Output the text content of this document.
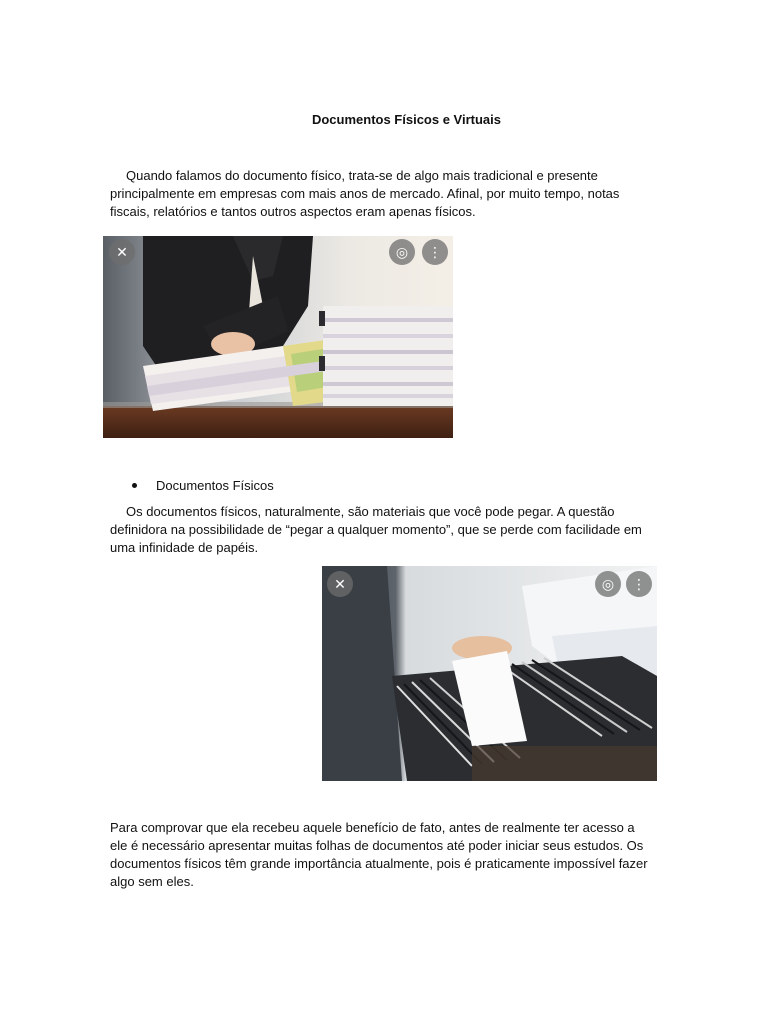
Documentos Físicos e Virtuais
Quando falamos do documento físico, trata-se de algo mais tradicional e presente principalmente em empresas com mais anos de mercado. Afinal, por muito tempo, notas fiscais, relatórios e tantos outros aspectos eram apenas físicos.
✕	◎	⋮
Documentos Físicos
Os documentos físicos, naturalmente, são materiais que você pode pegar. A questão definidora na possibilidade de “pegar a qualquer momento”, que se perde com facilidade em uma infinidade de papéis.
✕	◎	⋮
Para comprovar que ela recebeu aquele benefício de fato, antes de realmente ter acesso a ele é necessário apresentar muitas folhas de documentos até poder iniciar seus estudos. Os documentos físicos têm grande importância atualmente, pois é praticamente impossível fazer algo sem eles.
